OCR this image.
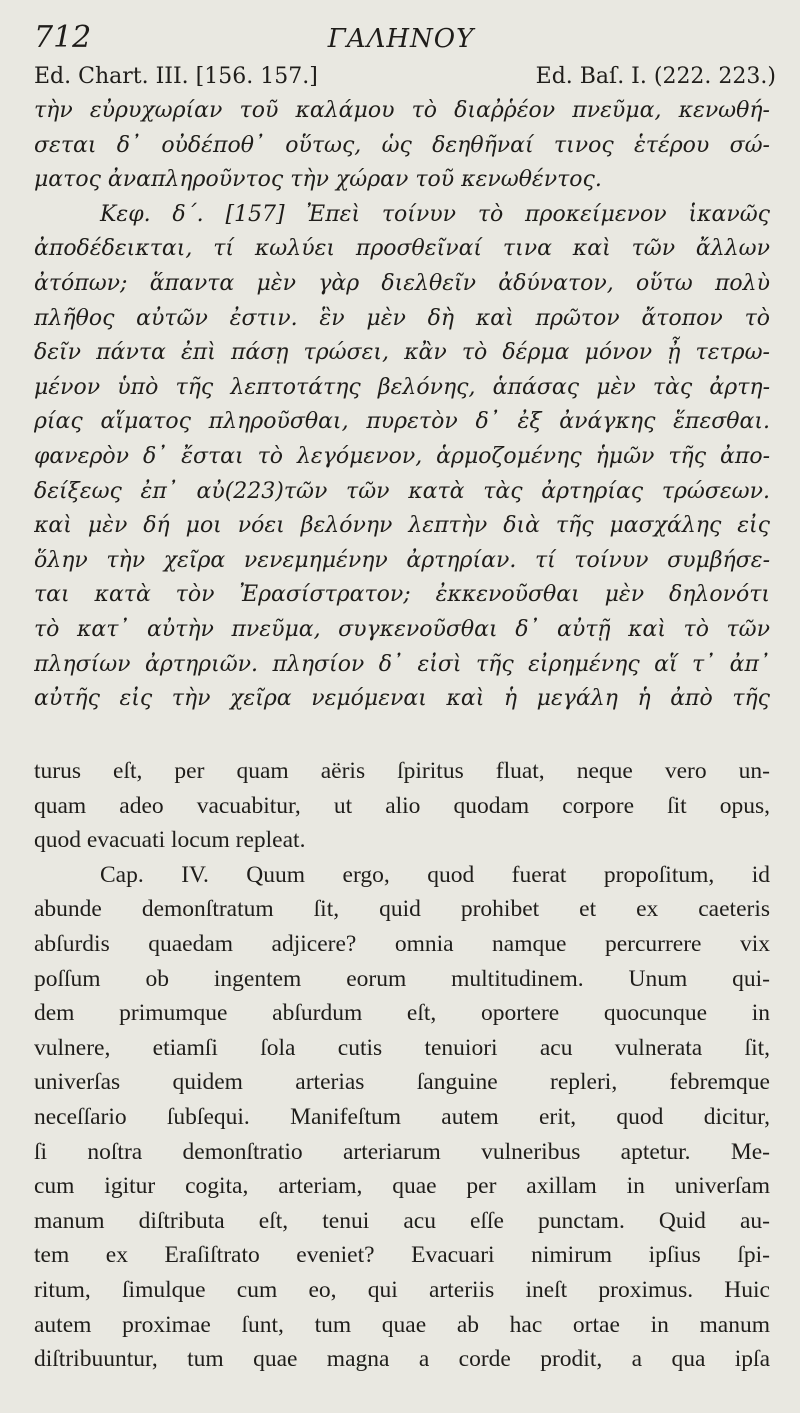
712	ΓΑΛΗΝΟΥ
Ed. Chart. III. [156. 157.]	Ed. Baſ. I. (222. 223.)
τὴν εὐρυχωρίαν τοῦ καλάμου τὸ διαῤῥέον πνεῦμα, κενωθή-
σεται δ᾽ οὐδέποθ᾽ οὕτως, ὡς δεηθῆναί τινος ἑτέρου σώ-
ματος ἀναπληροῦντος τὴν χώραν τοῦ κενωθέντος.
Κεφ. δ΄. [157] Ἐπεὶ τοίνυν τὸ προκείμενον ἱκανῶς
ἀποδέδεικται, τί κωλύει προσθεῖναί τινα καὶ τῶν ἄλλων
ἀτόπων; ἅπαντα μὲν γὰρ διελθεῖν ἀδύνατον, οὕτω πολὺ
πλῆθος αὐτῶν ἐστιν. ἓν μὲν δὴ καὶ πρῶτον ἄτοπον τὸ
δεῖν πάντα ἐπὶ πάσῃ τρώσει, κἂν τὸ δέρμα μόνον ᾖ τετρω-
μένον ὑπὸ τῆς λεπτοτάτης βελόνης, ἁπάσας μὲν τὰς ἀρτη-
ρίας αἵματος πληροῦσθαι, πυρετὸν δ᾽ ἐξ ἀνάγκης ἕπεσθαι.
φανερὸν δ᾽ ἔσται τὸ λεγόμενον, ἁρμοζομένης ἡμῶν τῆς ἀπο-
δείξεως ἐπ᾽ αὐ(223)τῶν τῶν κατὰ τὰς ἀρτηρίας τρώσεων.
καὶ μὲν δή μοι νόει βελόνην λεπτὴν διὰ τῆς μασχάλης εἰς
ὅλην τὴν χεῖρα νενεμημένην ἀρτηρίαν. τί τοίνυν συμβήσε-
ται κατὰ τὸν Ἐρασίστρατον; ἐκκενοῦσθαι μὲν δηλονότι
τὸ κατ᾽ αὐτὴν πνεῦμα, συγκενοῦσθαι δ᾽ αὐτῇ καὶ τὸ τῶν
πλησίων ἀρτηριῶν. πλησίον δ᾽ εἰσὶ τῆς εἰρημένης αἵ τ᾽ ἀπ᾽
αὐτῆς εἰς τὴν χεῖρα νεμόμεναι καὶ ἡ μεγάλη ἡ ἀπὸ τῆς
turus eſt, per quam aëris ſpiritus fluat, neque vero un-
quam adeo vacuabitur, ut alio quodam corpore ſit opus,
quod evacuati locum repleat.
Cap. IV. Quum ergo, quod fuerat propoſitum, id
abunde demonſtratum ſit, quid prohibet et ex caeteris
abſurdis quaedam adjicere? omnia namque percurrere vix
poſſum ob ingentem eorum multitudinem. Unum qui-
dem primumque abſurdum eſt, oportere quocunque in
vulnere, etiamſi ſola cutis tenuiori acu vulnerata ſit,
univerſas quidem arterias ſanguine repleri, febremque
neceſſario ſubſequi. Manifeſtum autem erit, quod dicitur,
ſi noſtra demonſtratio arteriarum vulneribus aptetur. Me-
cum igitur cogita, arteriam, quae per axillam in univerſam
manum diſtributa eſt, tenui acu eſſe punctam. Quid au-
tem ex Eraſiſtrato eveniet? Evacuari nimirum ipſius ſpi-
ritum, ſimulque cum eo, qui arteriis ineſt proximus. Huic
autem proximae ſunt, tum quae ab hac ortae in manum
diſtribuuntur, tum quae magna a corde prodit, a qua ipſa
